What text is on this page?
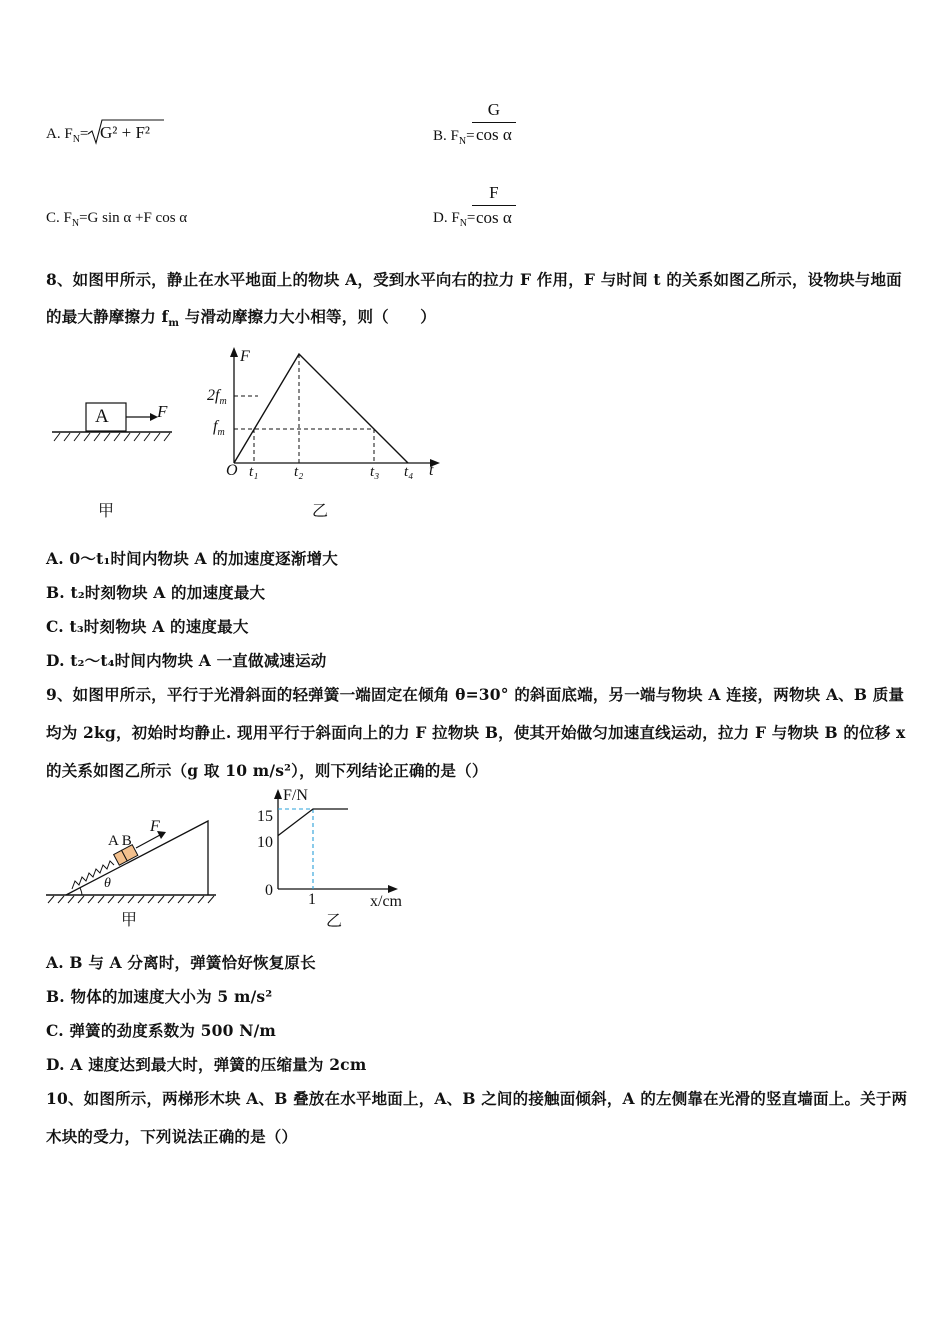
A. $F_N= G^2 + F^2$	B. $F_N=$
G
cos α
C. $F_N=G$ sin α +F cos α	D. $F_N=$
F
cos α
8、如图甲所示，静止在水平地面上的物块 A，受到水平向右的拉力 F 作用，F 与时间 t 的关系如图乙所示，设物块与地面
的最大静摩擦力 $f_m$ 与滑动摩擦力大小相等，则（　　）
A	F
甲
F
t
O
$2f_m$
$f_m$
t₁ t₂	t₃ t₄
乙
A. 0～t₁时间内物块 A 的加速度逐渐增大
B. t₂时刻物块 A 的加速度最大
C. t₃时刻物块 A 的速度最大
D. t₂～t₄时间内物块 A 一直做减速运动
9、如图甲所示，平行于光滑斜面的轻弹簧一端固定在倾角 θ=30° 的斜面底端，另一端与物块 A 连接，两物块 A、B 质量
均为 2kg，初始时均静止. 现用平行于斜面向上的力 F 拉物块 B，使其开始做匀加速直线运动，拉力 F 与物块 B 的位移 x
的关系如图乙所示（g 取 10 m/s²），则下列结论正确的是（）
A B
F
θ
甲
F/N
x/cm
15
10
0
1
乙
A. B 与 A 分离时，弹簧恰好恢复原长
B. 物体的加速度大小为 5 m/s²
C. 弹簧的劲度系数为 500 N/m
D. A 速度达到最大时，弹簧的压缩量为 2cm
10、如图所示，两梯形木块 A、B 叠放在水平地面上，A、B 之间的接触面倾斜，A 的左侧靠在光滑的竖直墙面上。关于两
木块的受力，下列说法正确的是（）
